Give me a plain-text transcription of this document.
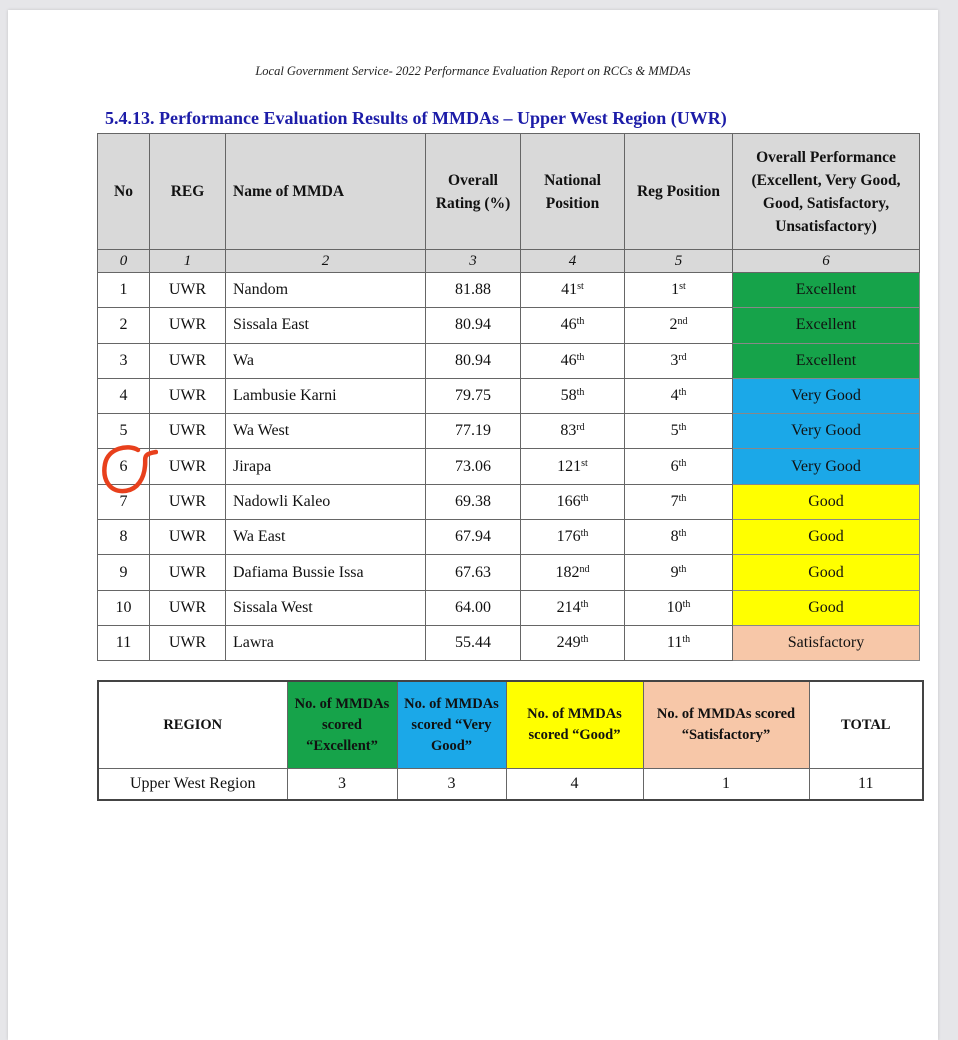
Local Government Service- 2022 Performance Evaluation Report on RCCs & MMDAs
5.4.13. Performance Evaluation Results of MMDAs – Upper West Region (UWR)
No	REG	Name of MMDA	Overall Rating (%)	National Position	Reg Position	Overall Performance (Excellent, Very Good, Good, Satisfactory, Unsatisfactory)
0	1	2	3	4	5	6
1	UWR	Nandom	81.88	41st	1st	Excellent
2	UWR	Sissala East	80.94	46th	2nd	Excellent
3	UWR	Wa	80.94	46th	3rd	Excellent
4	UWR	Lambusie Karni	79.75	58th	4th	Very Good
5	UWR	Wa West	77.19	83rd	5th	Very Good
6	UWR	Jirapa	73.06	121st	6th	Very Good
7	UWR	Nadowli Kaleo	69.38	166th	7th	Good
8	UWR	Wa East	67.94	176th	8th	Good
9	UWR	Dafiama Bussie Issa	67.63	182nd	9th	Good
10	UWR	Sissala West	64.00	214th	10th	Good
11	UWR	Lawra	55.44	249th	11th	Satisfactory
REGION	No. of MMDAs scored “Excellent”	No. of MMDAs scored “Very Good”	No. of MMDAs scored “Good”	No. of MMDAs scored “Satisfactory”	TOTAL
Upper West Region	3	3	4	1	11
